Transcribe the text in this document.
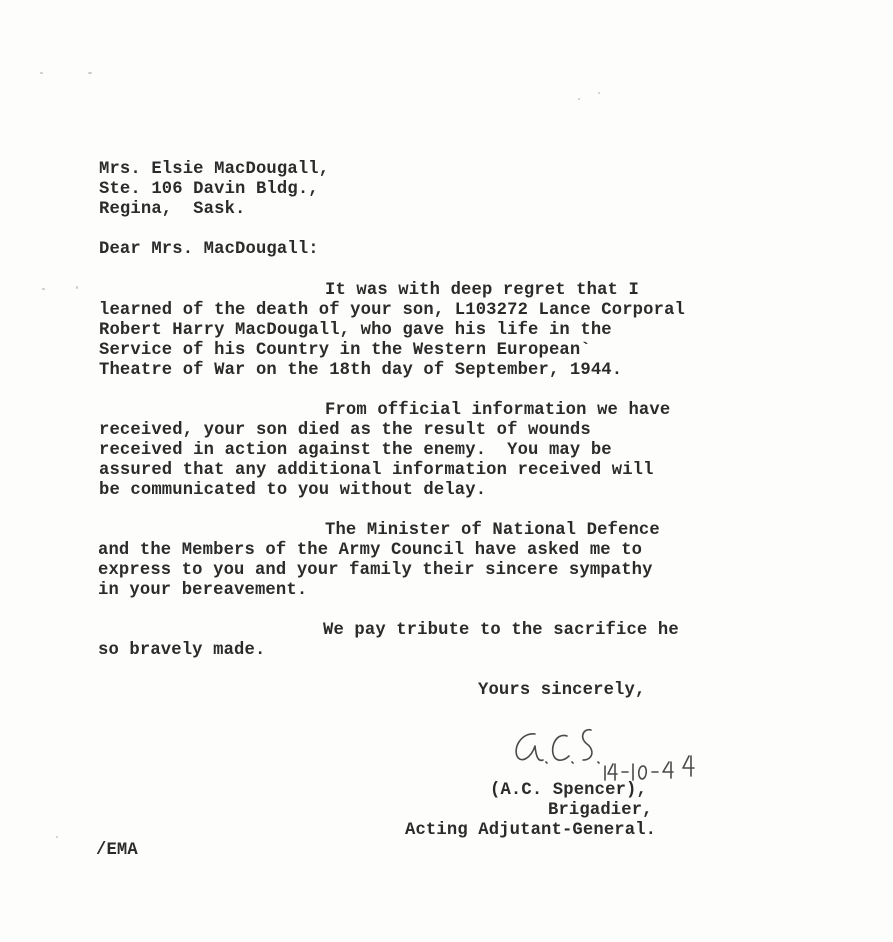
Mrs. Elsie MacDougall,
Ste. 106 Davin Bldg.,
Regina,  Sask.
Dear Mrs. MacDougall:
It was with deep regret that I
learned of the death of your son, L103272 Lance Corporal
Robert Harry MacDougall, who gave his life in the
Service of his Country in the Western European`
Theatre of War on the 18th day of September, 1944.
From official information we have
received, your son died as the result of wounds
received in action against the enemy.  You may be
assured that any additional information received will
be communicated to you without delay.
The Minister of National Defence
and the Members of the Army Council have asked me to
express to you and your family their sincere sympathy
in your bereavement.
We pay tribute to the sacrifice he
so bravely made.
Yours sincerely,
(A.C. Spencer),
Brigadier,
Acting Adjutant-General.
/EMA
